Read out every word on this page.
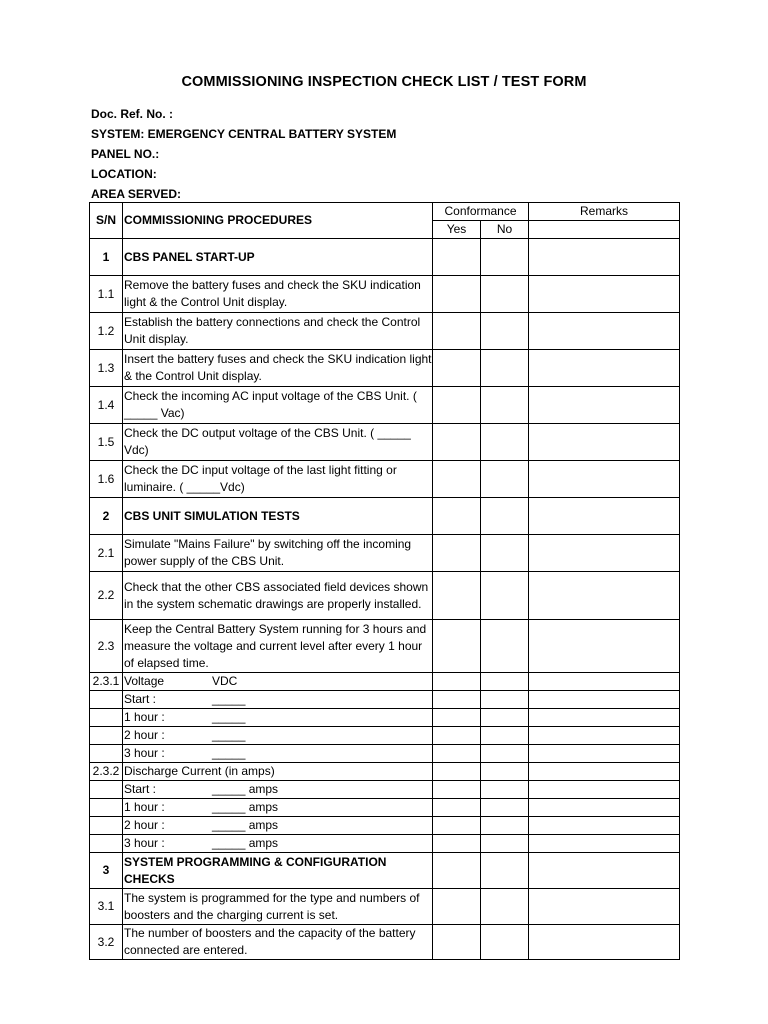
COMMISSIONING INSPECTION CHECK LIST / TEST FORM
Doc. Ref. No. :
SYSTEM: EMERGENCY CENTRAL BATTERY SYSTEM
PANEL NO.:
LOCATION:
AREA SERVED:
S/N	COMMISSIONING PROCEDURES	Conformance		Remarks
		Yes	No	
1	CBS PANEL START-UP			
1.1	Remove the battery fuses and check the SKU indication light & the Control Unit display.			
1.2	Establish the battery connections and check the Control Unit display.			
1.3	Insert the battery fuses and check the SKU indication light & the Control Unit display.			
1.4	Check the incoming AC input voltage of the CBS Unit. ( _____ Vac)			
1.5	Check the DC output voltage of the CBS Unit. ( _____ Vdc)			
1.6	Check the DC input voltage of the last light fitting or luminaire. ( _____Vdc)			
2	CBS UNIT SIMULATION TESTS			
2.1	Simulate "Mains Failure" by switching off the incoming power supply of the CBS Unit.			
2.2	Check that the other CBS associated field devices shown in the system schematic drawings are properly installed.			
2.3	Keep the Central Battery System running for 3 hours and measure the voltage and current level after every 1 hour of elapsed time.			
2.3.1	Voltage VDC			
	Start : _____			
	1 hour : _____			
	2 hour : _____			
	3 hour : _____			
2.3.2	Discharge Current (in amps)			
	Start : _____ amps			
	1 hour : _____ amps			
	2 hour : _____ amps			
	3 hour : _____ amps			
3	SYSTEM PROGRAMMING & CONFIGURATION CHECKS			
3.1	The system is programmed for the type and numbers of boosters and the charging current is set.			
3.2	The number of boosters and the capacity of the battery connected are entered.			
